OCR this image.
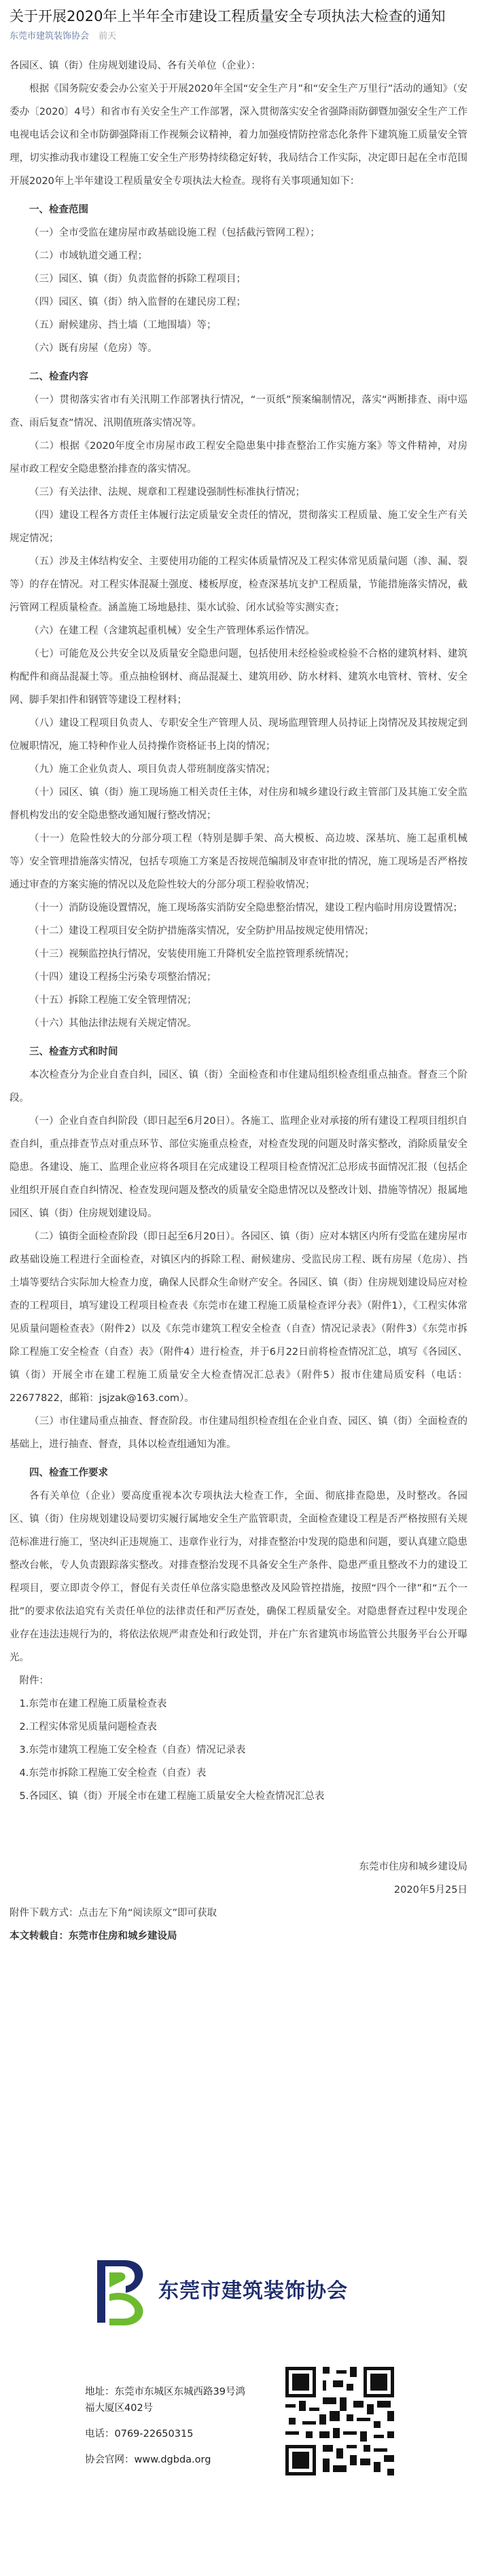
关于开展2020年上半年全市建设工程质量安全专项执法大检查的通知
东莞市建筑装饰协会 前天

各园区、镇（街）住房规划建设局、各有关单位（企业）：

根据《国务院安委会办公室关于开展2020年全国“安全生产月”和“安全生产万里行”活动的通知》（安委办〔2020〕4号）和省市有关安全生产工作部署，深入贯彻落实安全省强降雨防御暨加强安全生产工作电视电话会议和全市防御强降雨工作视频会议精神，着力加强疫情防控常态化条件下建筑施工质量安全管理，切实推动我市建设工程施工安全生产形势持续稳定好转，我局结合工作实际，决定即日起在全市范围开展2020年上半年建设工程质量安全专项执法大检查。现将有关事项通知如下：

一、检查范围

（一）全市受监在建房屋市政基础设施工程（包括截污管网工程）；

（二）市域轨道交通工程；

（三）园区、镇（街）负责监督的拆除工程项目；

（四）园区、镇（街）纳入监督的在建民房工程；

（五）耐候建房、挡土墙（工地围墙）等；

（六）既有房屋（危房）等。

二、检查内容

（一）贯彻落实省市有关汛期工作部署执行情况，“一页纸”预案编制情况，落实“两断排查、雨中巡查、雨后复查”情况、汛期值班落实情况等。

（二）根据《2020年度全市房屋市政工程安全隐患集中排查整治工作实施方案》等文件精神，对房屋市政工程安全隐患整治排查的落实情况。

（三）有关法律、法规、规章和工程建设强制性标准执行情况；

（四）建设工程各方责任主体履行法定质量安全责任的情况，贯彻落实工程质量、施工安全生产有关规定情况；

（五）涉及主体结构安全、主要使用功能的工程实体质量情况及工程实体常见质量问题（渗、漏、裂等）的存在情况。对工程实体混凝土强度、楼板厚度，检查深基坑支护工程质量，节能措施落实情况，截污管网工程质量检查。涵盖施工场地悬挂、渠水试验、闭水试验等实测实查；

（六）在建工程（含建筑起重机械）安全生产管理体系运作情况。

（七）可能危及公共安全以及质量安全隐患问题，包括使用未经检验或检验不合格的建筑材料、建筑构配件和商品混凝土等。重点抽检钢材、商品混凝土、建筑用砂、防水材料、建筑水电管材、管材、安全网、脚手架扣件和钢管等建设工程材料；

（八）建设工程项目负责人、专职安全生产管理人员、现场监理管理人员持证上岗情况及其按规定到位履职情况，施工特种作业人员持操作资格证书上岗的情况；

（九）施工企业负责人、项目负责人带班制度落实情况；

（十）园区、镇（街）施工现场施工相关责任主体，对住房和城乡建设行政主管部门及其施工安全监督机构发出的安全隐患整改通知履行整改情况；

（十一）危险性较大的分部分项工程（特别是脚手架、高大模板、高边坡、深基坑、施工起重机械等）安全管理措施落实情况，包括专项施工方案是否按规范编制及审查审批的情况，施工现场是否严格按通过审查的方案实施的情况以及危险性较大的分部分项工程验收情况；

（十一）消防设施设置情况，施工现场落实消防安全隐患整治情况，建设工程内临时用房设置情况；

（十二）建设工程项目安全防护措施落实情况，安全防护用品按规定使用情况；

（十三）视频监控执行情况，安装使用施工升降机安全监控管理系统情况；

（十四）建设工程扬尘污染专项整治情况；

（十五）拆除工程施工安全管理情况；

（十六）其他法律法规有关规定情况。

三、检查方式和时间

本次检查分为企业自查自纠，园区、镇（街）全面检查和市住建局组织检查组重点抽查。督查三个阶段。

（一）企业自查自纠阶段（即日起至6月20日）。各施工、监理企业对承接的所有建设工程项目组织自查自纠，重点排查节点对重点环节、部位实施重点检查，对检查发现的问题及时落实整改，消除质量安全隐患。各建设、施工、监理企业应将各项目在完成建设工程项目检查情况汇总形成书面情况汇报（包括企业组织开展自查自纠情况、检查发现问题及整改的质量安全隐患情况以及整改计划、措施等情况）报属地园区、镇（街）住房规划建设局。

（二）镇街全面检查阶段（即日起至6月20日）。各园区、镇（街）应对本辖区内所有受监在建房屋市政基础设施工程进行全面检查，对镇区内的拆除工程、耐候建房、受监民房工程、既有房屋（危房）、挡土墙等要结合实际加大检查力度，确保人民群众生命财产安全。各园区、镇（街）住房规划建设局应对检查的工程项目，填写建设工程项目检查表《东莞市在建工程施工质量检查评分表》（附件1），《工程实体常见质量问题检查表》（附件2）以及《东莞市建筑工程安全检查（自查）情况记录表》（附件3）《东莞市拆除工程施工安全检查（自查）表》（附件4）进行检查，并于6月22日前将检查情况汇总，填写《各园区、镇（街）开展全市在建工程施工质量安全大检查情况汇总表》（附件5）报市住建局质安科（电话：22677822，邮箱：jsjzak@163.com）。

（三）市住建局重点抽查、督查阶段。市住建局组织检查组在企业自查、园区、镇（街）全面检查的基础上，进行抽查、督查，具体以检查组通知为准。

四、检查工作要求

各有关单位（企业）要高度重视本次专项执法大检查工作，全面、彻底排查隐患，及时整改。各园区、镇（街）住房规划建设局要切实履行属地安全生产监管职责，全面检查建设工程是否严格按照有关规范标准进行施工，坚决纠正违规施工、违章作业行为，对排查整治中发现的隐患和问题，要认真建立隐患整改台帐，专人负责跟踪落实整改。对排查整治发现不具备安全生产条件、隐患严重且整改不力的建设工程项目，要立即责令停工，督促有关责任单位落实隐患整改及风险管控措施，按照“四个一律”和“五个一批”的要求依法追究有关责任单位的法律责任和严厉查处，确保工程质量安全。对隐患督查过程中发现企业存在违法违规行为的，将依法依规严肃查处和行政处罚，并在广东省建筑市场监管公共服务平台公开曝光。

附件：

1.东莞市在建工程施工质量检查表

2.工程实体常见质量问题检查表

3.东莞市建筑工程施工安全检查（自查）情况记录表

4.东莞市拆除工程施工安全检查（自查）表

5.各园区、镇（街）开展全市在建工程施工质量安全大检查情况汇总表

东莞市住房和城乡建设局

2020年5月25日

附件下载方式：点击左下角“阅读原文”即可获取

本文转载自：东莞市住房和城乡建设局

东莞市建筑装饰协会
地址：东莞市东城区东城西路39号鸿福大厦区402号
电话：0769-22650315
协会官网：www.dgbda.org
